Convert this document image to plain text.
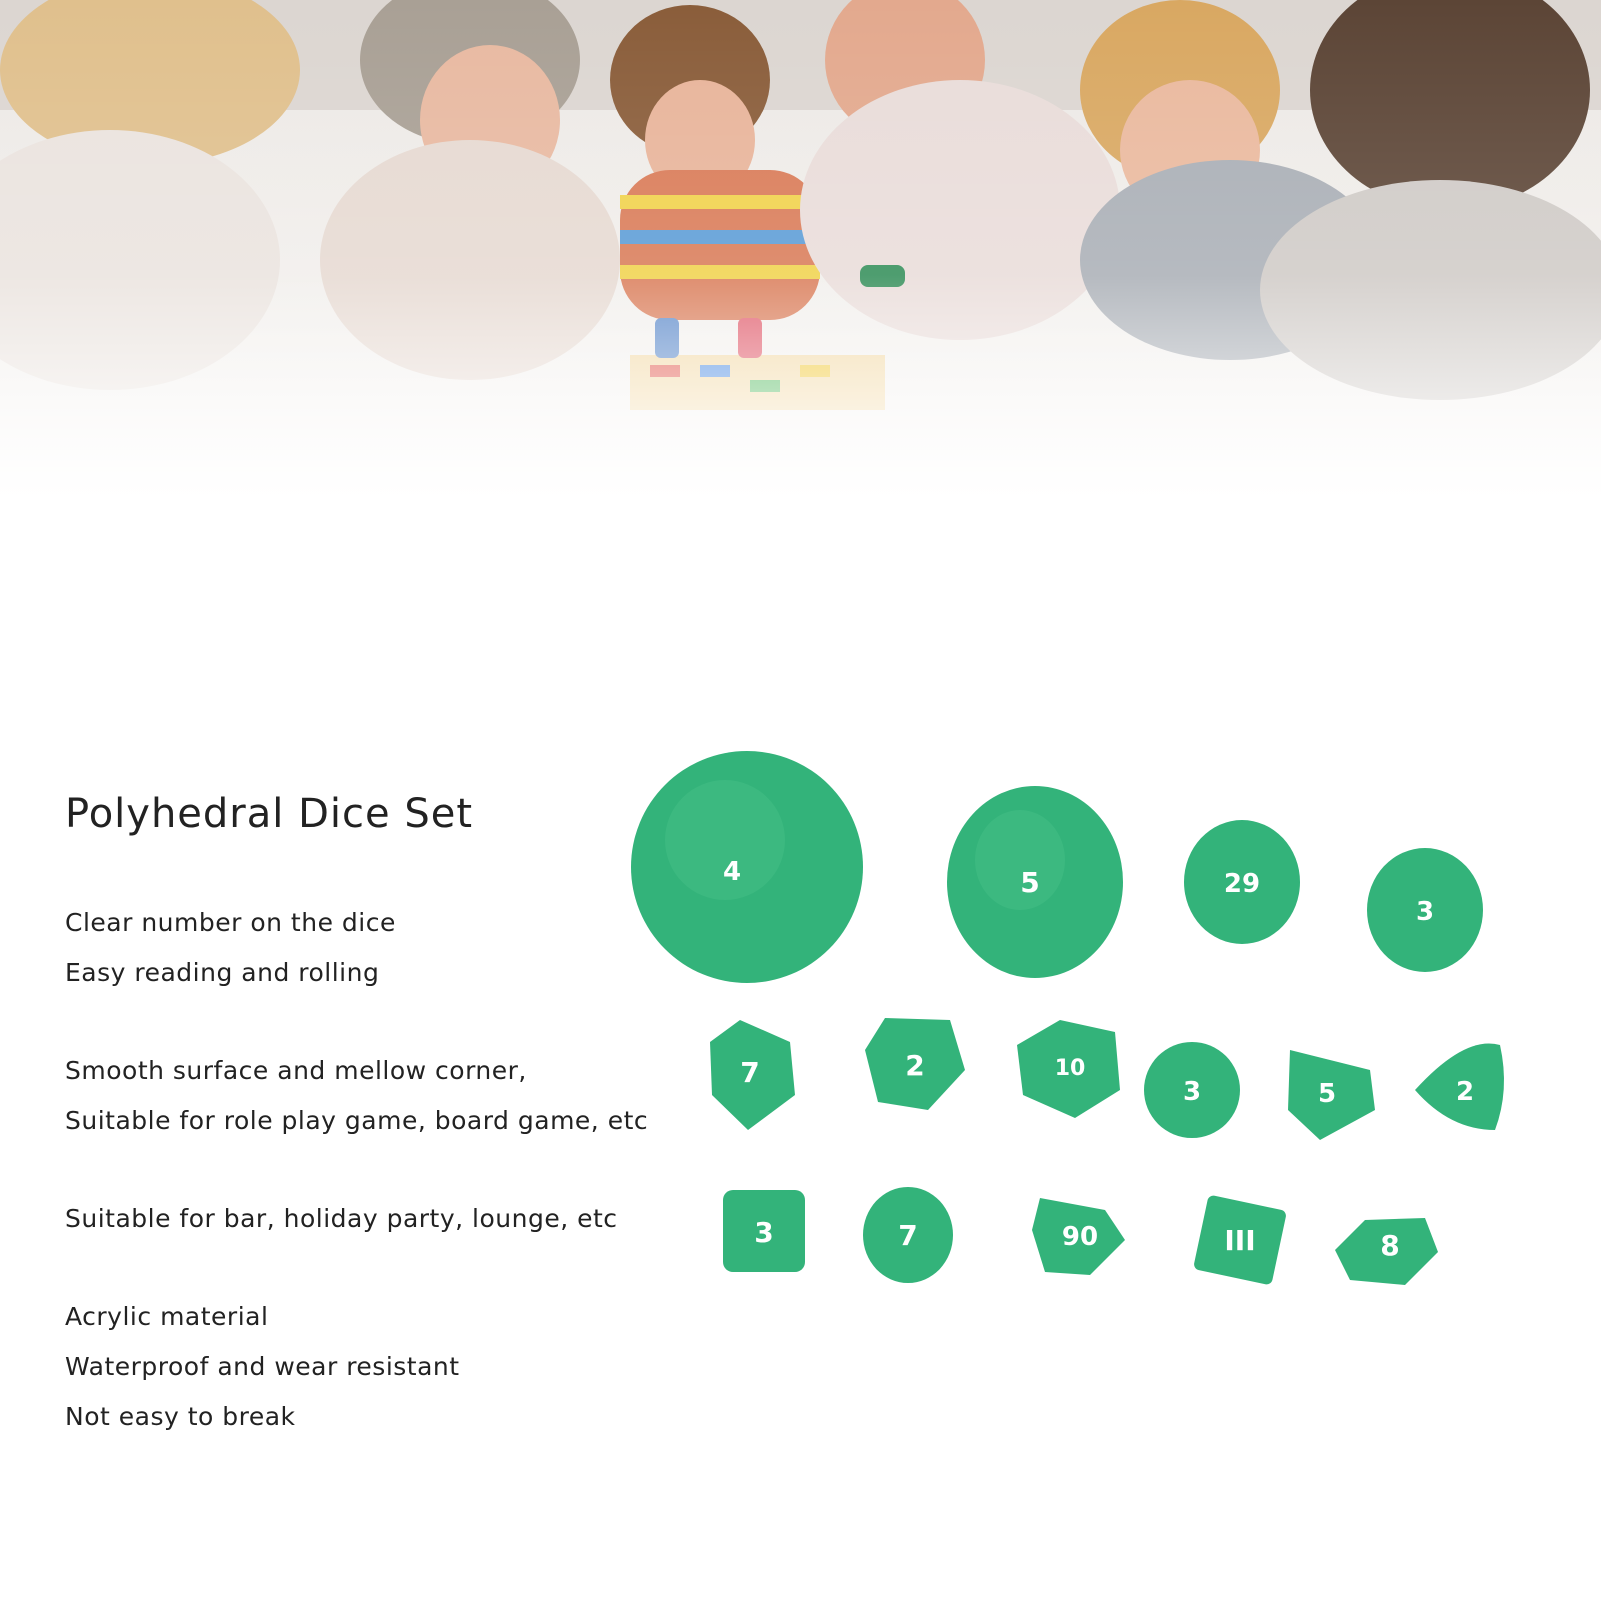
Polyhedral Dice Set
Clear number on the dice
Easy reading and rolling
Smooth surface and mellow corner,
Suitable for role play game, board game, etc
Suitable for bar, holiday party, lounge, etc
Acrylic material
Waterproof and wear resistant
Not easy to break
4	5	29
3
7	2	10
3	5	2
3	7	90	III	8
